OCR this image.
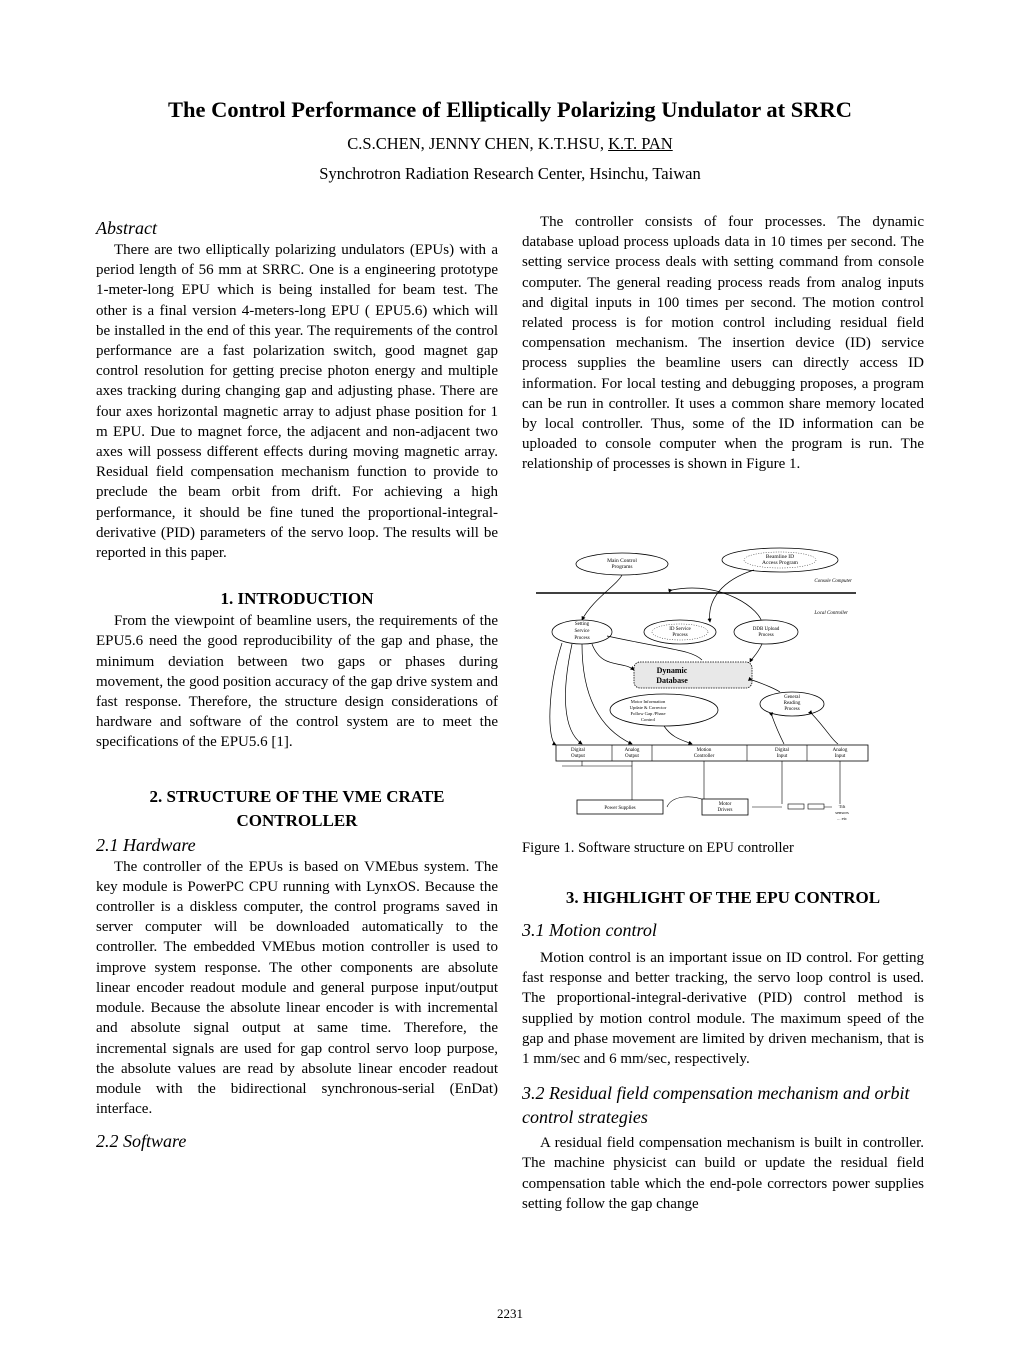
The Control Performance of Elliptically Polarizing Undulator at SRRC
C.S.CHEN, JENNY CHEN, K.T.HSU, K.T. PAN
Synchrotron Radiation Research Center, Hsinchu, Taiwan
Abstract

There are two elliptically polarizing undulators (EPUs) with a period length of 56 mm at SRRC. One is a engineering prototype 1-meter-long EPU which is being installed for beam test. The other is a final version 4-meters-long EPU ( EPU5.6) which will be installed in the end of this year. The requirements of the control performance are a fast polarization switch, good magnet gap control resolution for getting precise photon energy and multiple axes tracking during changing gap and adjusting phase. There are four axes horizontal magnetic array to adjust phase position for 1 m EPU. Due to magnet force, the adjacent and non-adjacent two axes will possess different effects during moving magnetic array. Residual field compensation mechanism function to provide to preclude the beam orbit from drift. For achieving a high performance, it should be fine tuned the proportional-integral-derivative (PID) parameters of the servo loop. The results will be reported in this paper.

1. INTRODUCTION

From the viewpoint of beamline users, the requirements of the EPU5.6 need the good reproducibility of the gap and phase, the minimum deviation between two gaps or phases during movement, the good position accuracy of the gap drive system and fast response. Therefore, the structure design considerations of hardware and software of the control system are to meet the specifications of the EPU5.6 [1].

2. STRUCTURE OF THE VME CRATE CONTROLLER
2.1 Hardware

The controller of the EPUs is based on VMEbus system. The key module is PowerPC CPU running with LynxOS. Because the controller is a diskless computer, the control programs saved in server computer will be downloaded automatically to the controller. The embedded VMEbus motion controller is used to improve system response. The other components are absolute linear encoder readout module and general purpose input/output module. Because the absolute linear encoder is with incremental and absolute signal output at same time. Therefore, the incremental signals are used for gap control servo loop purpose, the absolute values are read by absolute linear encoder readout module with the bidirectional synchronous-serial (EnDat) interface.

2.2 Software

The controller consists of four processes. The dynamic database upload process uploads data in 10 times per second. The setting service process deals with setting command from console computer. The general reading process reads from analog inputs and digital inputs in 100 times per second. The motion control related process is for motion control including residual field compensation mechanism. The insertion device (ID) service process supplies the beamline users can directly access ID information. For local testing and debugging proposes, a program can be run in controller. It uses a common share memory located by local controller. Thus, some of the ID information can be uploaded to console computer when the program is run. The relationship of processes is shown in Figure 1.

Main Control
Programs
Beamline ID
Access Program
Console Computer
Local Controller
Setting
Service
Process
ID Service
Process
DDB Upload
Process
Dynamic
Database
Motor Information
Update & Corrector
Follow Gap /Phase
Control
General
Reading
Process
Digital
Output
Analog
Output
Motion
Controller
Digital
Input
Analog
Input
Power Supplies
Motor
Drivers
Tilt
sensors
... etc
Figure 1. Software structure on EPU controller
3. HIGHLIGHT OF THE EPU CONTROL
3.1 Motion control

Motion control is an important issue on ID control. For getting fast response and better tracking, the servo loop control is used. The proportional-integral-derivative (PID) control method is supplied by motion control module. The maximum speed of the gap and phase movement are limited by driven mechanism, that is 1 mm/sec and 6 mm/sec, respectively.

3.2 Residual field compensation mechanism and orbit control strategies

A residual field compensation mechanism is built in controller. The machine physicist can build or update the residual field compensation table which the end-pole correctors power supplies setting follow the gap change

2231
